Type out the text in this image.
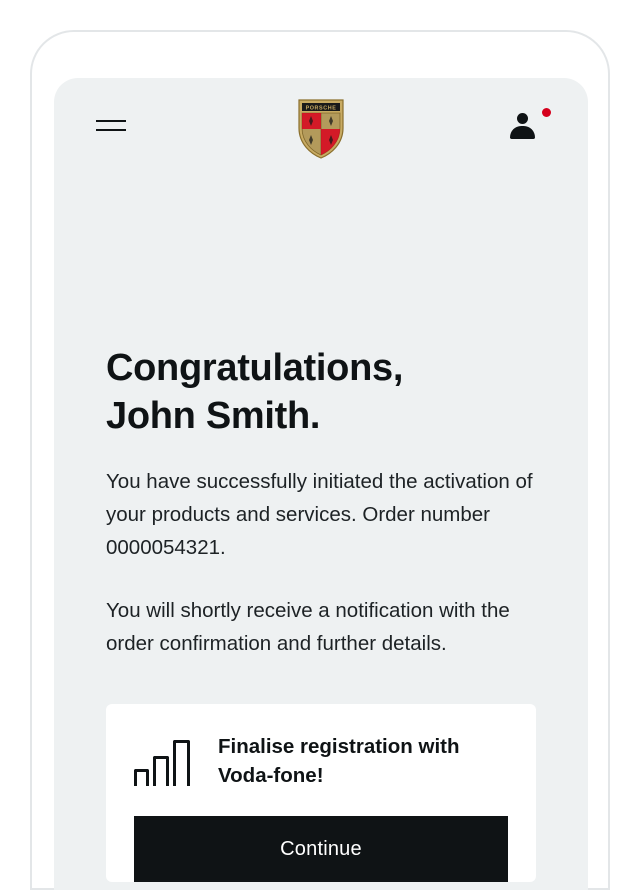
PORSCHE
Congratulations,
John Smith.

You have successfully initiated the activation of your products and services. Order number 0000054321.

You will shortly receive a notification with the order confirmation and further details.

Finalise registration with Voda-fone!
Continue
